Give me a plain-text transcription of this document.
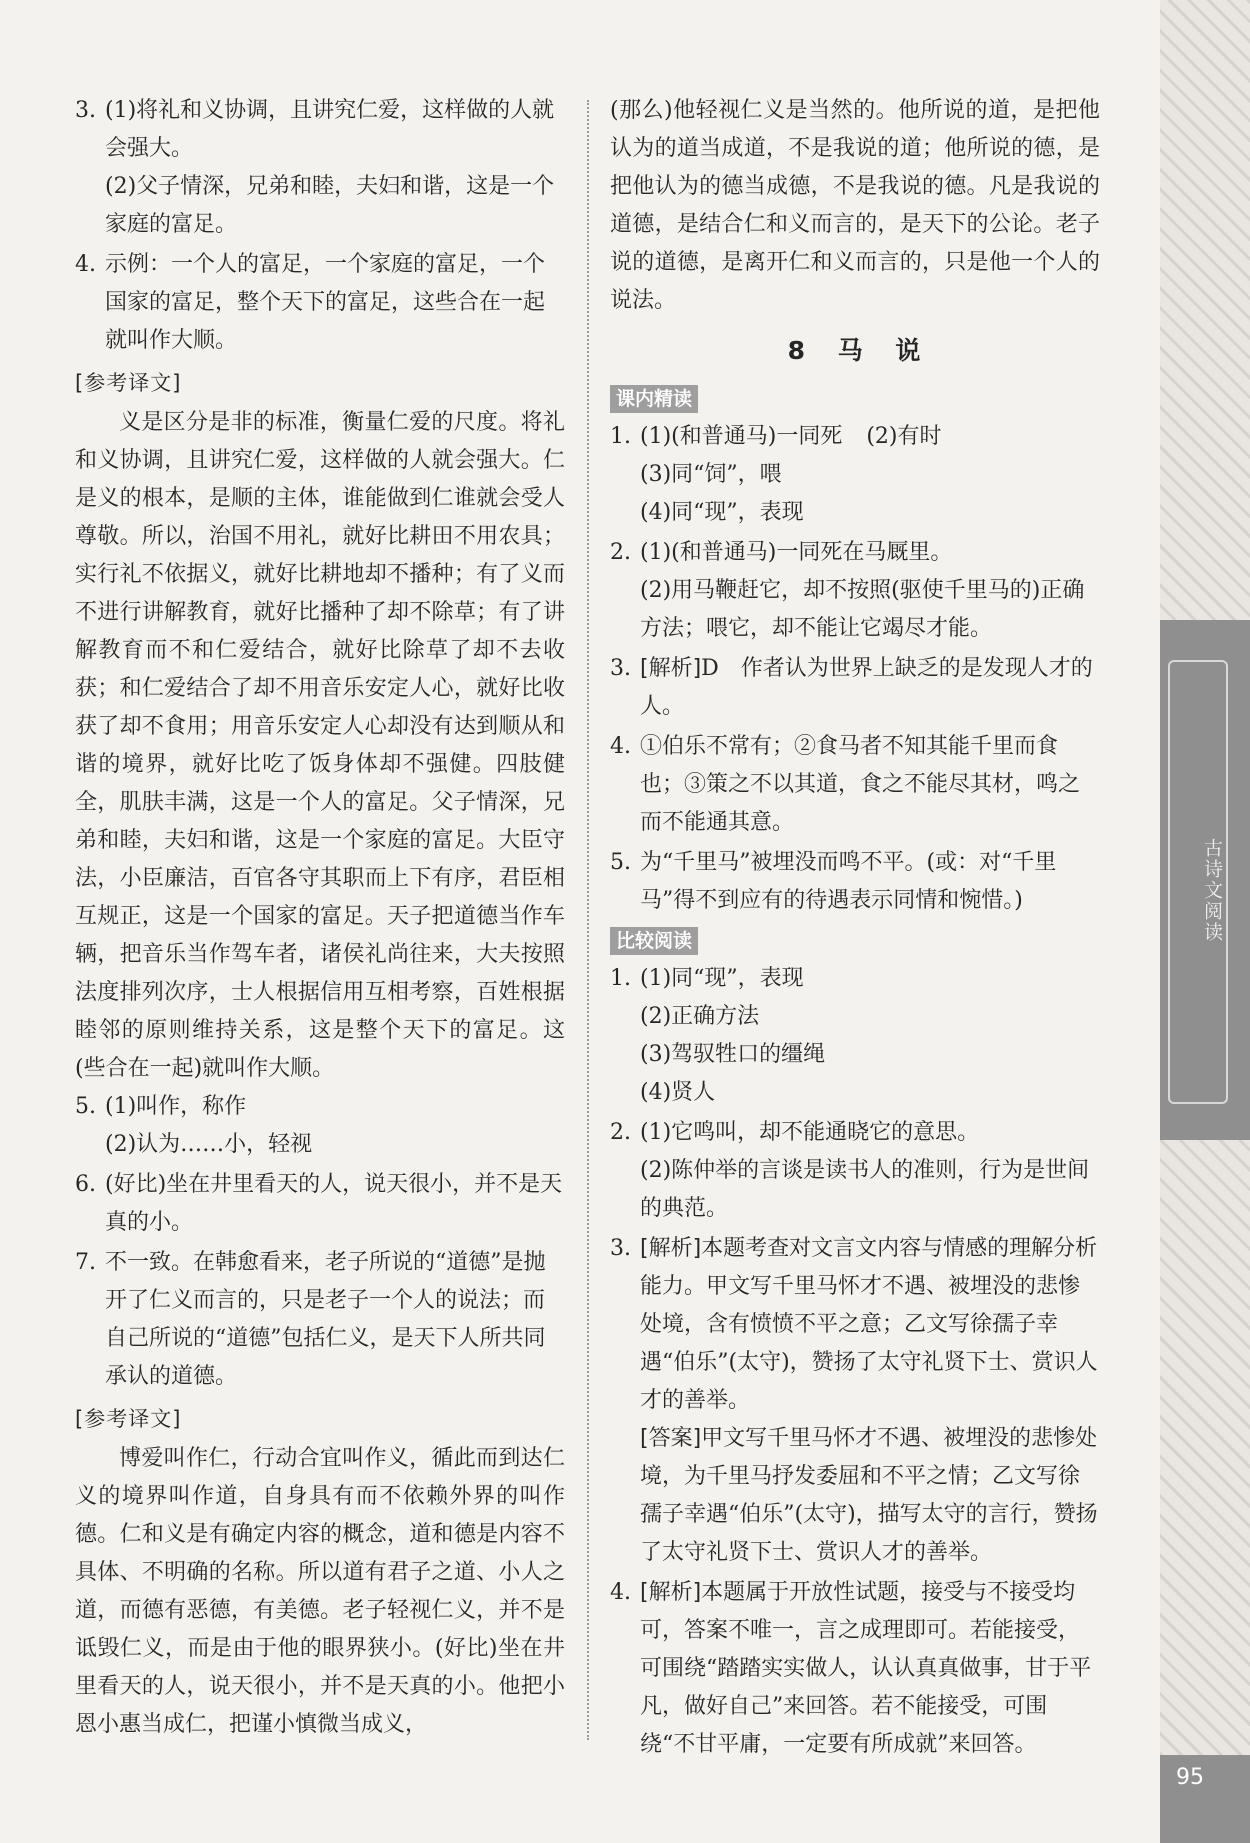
3. (1)将礼和义协调，且讲究仁爱，这样做的人就会强大。
(2)父子情深，兄弟和睦，夫妇和谐，这是一个家庭的富足。
4. 示例：一个人的富足，一个家庭的富足，一个国家的富足，整个天下的富足，这些合在一起就叫作大顺。
[参考译文]
义是区分是非的标准，衡量仁爱的尺度。将礼和义协调，且讲究仁爱，这样做的人就会强大。仁是义的根本，是顺的主体，谁能做到仁谁就会受人尊敬。所以，治国不用礼，就好比耕田不用农具；实行礼不依据义，就好比耕地却不播种；有了义而不进行讲解教育，就好比播种了却不除草；有了讲解教育而不和仁爱结合，就好比除草了却不去收获；和仁爱结合了却不用音乐安定人心，就好比收获了却不食用；用音乐安定人心却没有达到顺从和谐的境界，就好比吃了饭身体却不强健。四肢健全，肌肤丰满，这是一个人的富足。父子情深，兄弟和睦，夫妇和谐，这是一个家庭的富足。大臣守法，小臣廉洁，百官各守其职而上下有序，君臣相互规正，这是一个国家的富足。天子把道德当作车辆，把音乐当作驾车者，诸侯礼尚往来，大夫按照法度排列次序，士人根据信用互相考察，百姓根据睦邻的原则维持关系，这是整个天下的富足。这(些合在一起)就叫作大顺。
5. (1)叫作，称作
(2)认为……小，轻视
6. (好比)坐在井里看天的人，说天很小，并不是天真的小。
7. 不一致。在韩愈看来，老子所说的“道德”是抛开了仁义而言的，只是老子一个人的说法；而自己所说的“道德”包括仁义，是天下人所共同承认的道德。
[参考译文]
博爱叫作仁，行动合宜叫作义，循此而到达仁义的境界叫作道，自身具有而不依赖外界的叫作德。仁和义是有确定内容的概念，道和德是内容不具体、不明确的名称。所以道有君子之道、小人之道，而德有恶德，有美德。老子轻视仁义，并不是诋毁仁义，而是由于他的眼界狭小。(好比)坐在井里看天的人，说天很小，并不是天真的小。他把小恩小惠当成仁，把谨小慎微当成义，
(那么)他轻视仁义是当然的。他所说的道，是把他认为的道当成道，不是我说的道；他所说的德，是把他认为的德当成德，不是我说的德。凡是我说的道德，是结合仁和义而言的，是天下的公论。老子说的道德，是离开仁和义而言的，只是他一个人的说法。
8 马 说
课内精读
1. (1)(和普通马)一同死 (2)有时
(3)同“饲”，喂
(4)同“现”，表现
2. (1)(和普通马)一同死在马厩里。
(2)用马鞭赶它，却不按照(驱使千里马的)正确方法；喂它，却不能让它竭尽才能。
3. [解析]D　作者认为世界上缺乏的是发现人才的人。
4. ①伯乐不常有；②食马者不知其能千里而食也；③策之不以其道，食之不能尽其材，鸣之而不能通其意。
5. 为“千里马”被埋没而鸣不平。(或：对“千里马”得不到应有的待遇表示同情和惋惜。)
比较阅读
1. (1)同“现”，表现
(2)正确方法
(3)驾驭牲口的缰绳
(4)贤人
2. (1)它鸣叫，却不能通晓它的意思。
(2)陈仲举的言谈是读书人的准则，行为是世间的典范。
3. [解析]本题考查对文言文内容与情感的理解分析能力。甲文写千里马怀才不遇、被埋没的悲惨处境，含有愤愤不平之意；乙文写徐孺子幸遇“伯乐”(太守)，赞扬了太守礼贤下士、赏识人才的善举。
[答案]甲文写千里马怀才不遇、被埋没的悲惨处境，为千里马抒发委屈和不平之情；乙文写徐孺子幸遇“伯乐”(太守)，描写太守的言行，赞扬了太守礼贤下士、赏识人才的善举。
4. [解析]本题属于开放性试题，接受与不接受均可，答案不唯一，言之成理即可。若能接受，可围绕“踏踏实实做人，认认真真做事，甘于平凡，做好自己”来回答。若不能接受，可围绕“不甘平庸，一定要有所成就”来回答。
古诗文阅读
95
